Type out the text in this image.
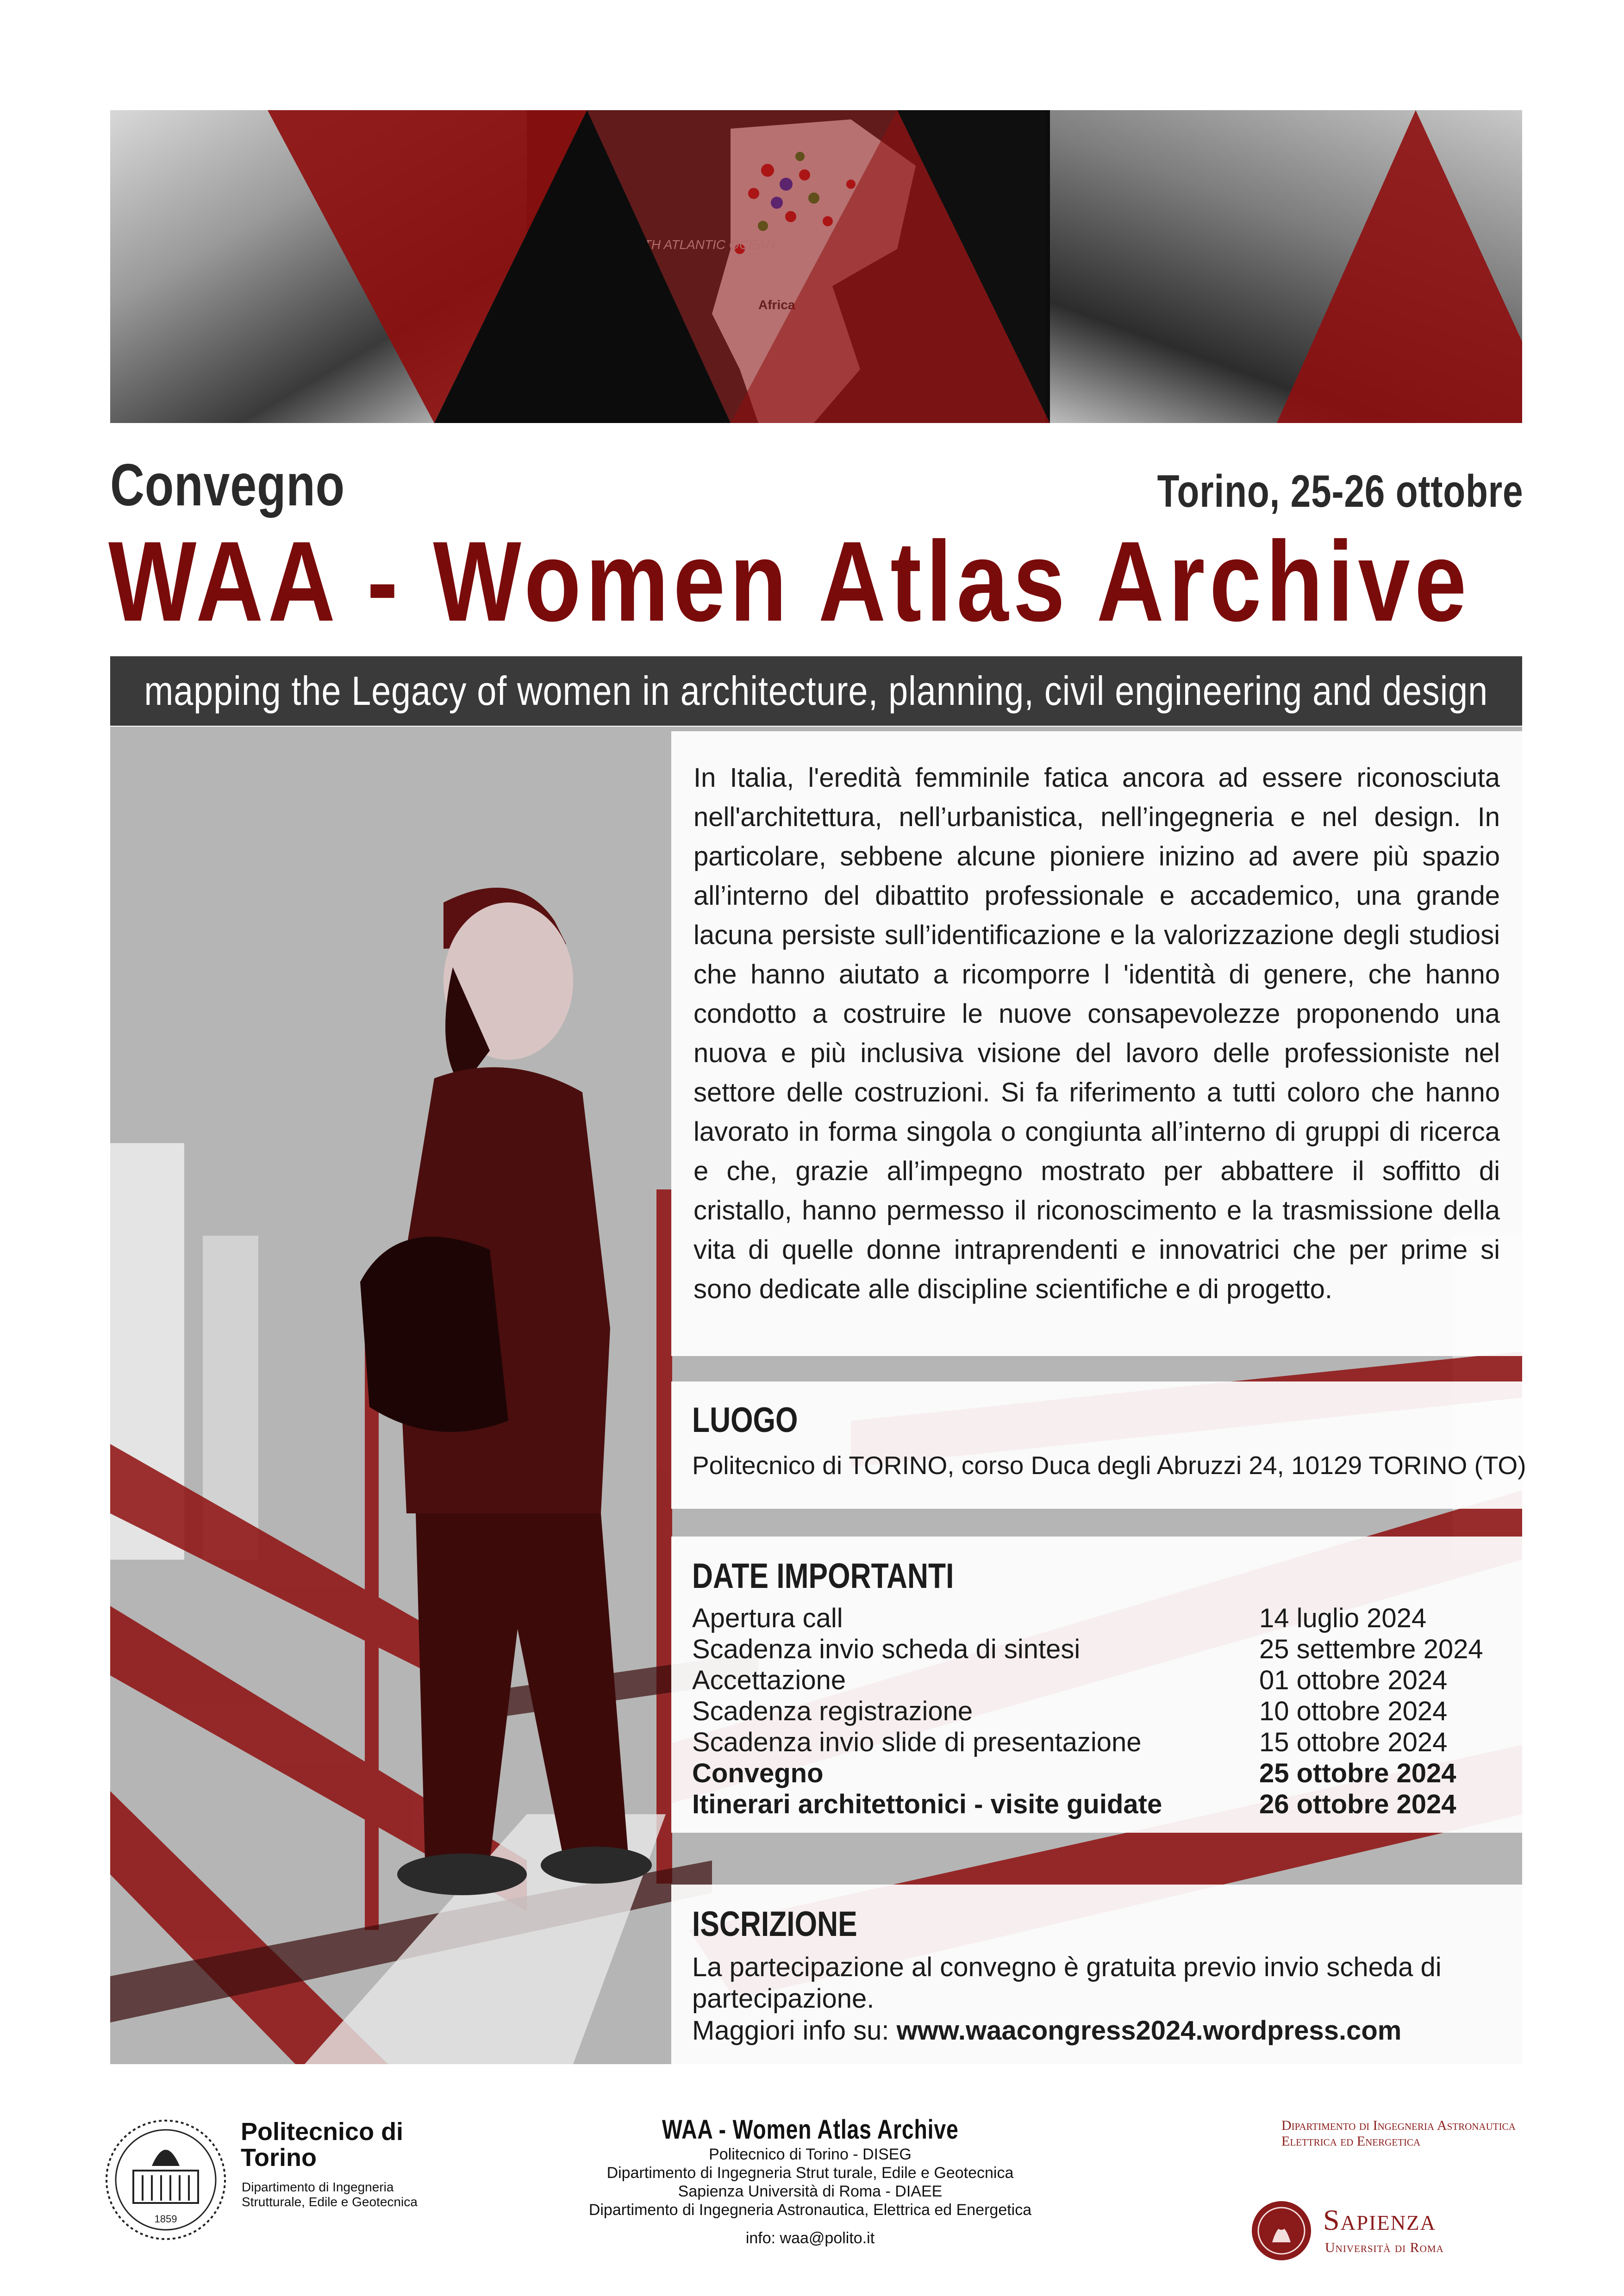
Convegno	Torino, 25-26 ottobre
WAA - Women Atlas Archive
mapping the Legacy of women in architecture, planning, civil engineering and design

In Italia, l'eredità femminile fatica ancora ad essere riconosciuta nell'architettura, nell’urbanistica, nell’ingegneria e nel design. In particolare, sebbene alcune pioniere inizino ad avere più spazio all’interno del dibattito professionale e accademico, una grande lacuna persiste sull’identificazione e la valorizzazione degli studiosi che hanno aiutato a ricomporre l 'identità di genere, che hanno condotto a costruire le nuove consapevolezze proponendo una nuova e più inclusiva visione del lavoro delle professioniste nel settore delle costruzioni. Si fa riferimento a tutti coloro che hanno lavorato in forma singola o congiunta all’interno di gruppi di ricerca e che, grazie all’impegno mostrato per abbattere il soffitto di cristallo, hanno permesso il riconoscimento e la trasmissione della vita di quelle donne intraprendenti e innovatrici che per prime si sono dedicate alle discipline scientifiche e di progetto.

LUOGO

Politecnico di TORINO, corso Duca degli Abruzzi 24, 10129 TORINO (TO)

DATE IMPORTANTI
Apertura call	14 luglio 2024
Scadenza invio scheda di sintesi	25 settembre 2024
Accettazione	01 ottobre 2024
Scadenza registrazione	10 ottobre 2024
Scadenza invio slide di presentazione	15 ottobre 2024
Convegno	25 ottobre 2024
Itinerari architettonici - visite guidate	26 ottobre 2024
ISCRIZIONE

La partecipazione al convegno è gratuita previo invio scheda di partecipazione.

Maggiori info su: www.waacongress2024.wordpress.com

1859
Politecnico di Torino
Dipartimento di Ingegneria Strutturale, Edile e Geotecnica
WAA - Women Atlas Archive
Politecnico di Torino - DISEG
Dipartimento di Ingegneria Strut turale, Edile e Geotecnica
Sapienza Università di Roma - DIAEE
Dipartimento di Ingegneria Astronautica, Elettrica ed Energetica
info: waa@polito.it
Dipartimento di Ingegneria Astronautica Elettrica ed Energetica
Sapienza
Università di Roma
